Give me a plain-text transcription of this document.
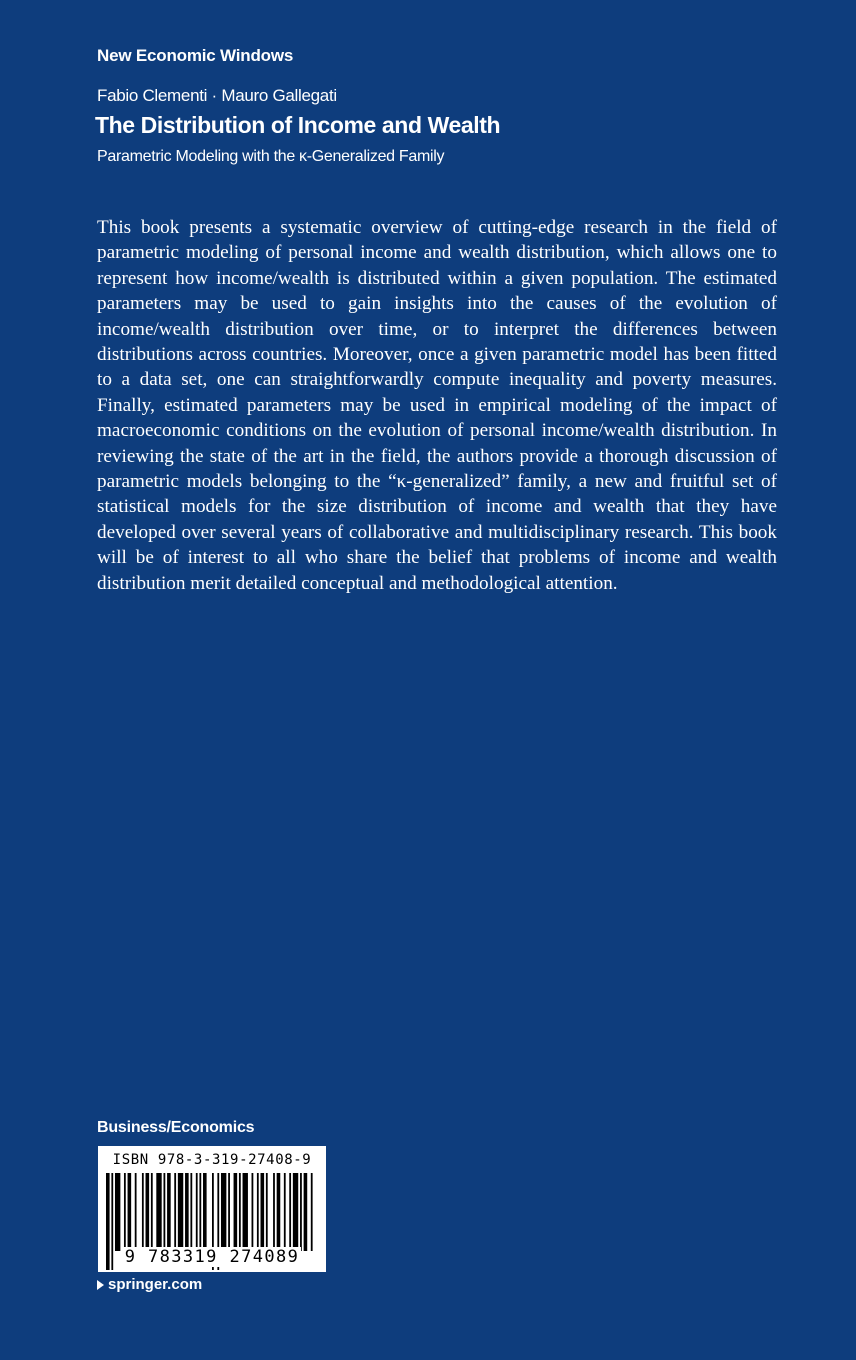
New Economic Windows
Fabio Clementi · Mauro Gallegati
The Distribution of Income and Wealth
Parametric Modeling with the κ-Generalized Family

This book presents a systematic overview of cutting-edge research in the field of parametric modeling of personal income and wealth distribution, which allows one to represent how income/wealth is distributed within a given population. The estimated parameters may be used to gain insights into the causes of the evolution of income/wealth distribution over time, or to interpret the differences between distributions across countries. Moreover, once a given parametric model has been fitted to a data set, one can straightforwardly compute inequality and poverty measures. Finally, estimated parameters may be used in empirical modeling of the impact of macroeconomic conditions on the evolution of personal income/wealth distribution. In reviewing the state of the art in the field, the authors provide a thorough discussion of parametric models belonging to the “κ-generalized” family, a new and fruitful set of statistical models for the size distribution of income and wealth that they have developed over several years of collaborative and multidisciplinary research. This book will be of interest to all who share the belief that problems of income and wealth distribution merit detailed conceptual and methodological attention.

Business/Economics
ISBN 978-3-319-27408-9
9 783319 274089
springer.com
